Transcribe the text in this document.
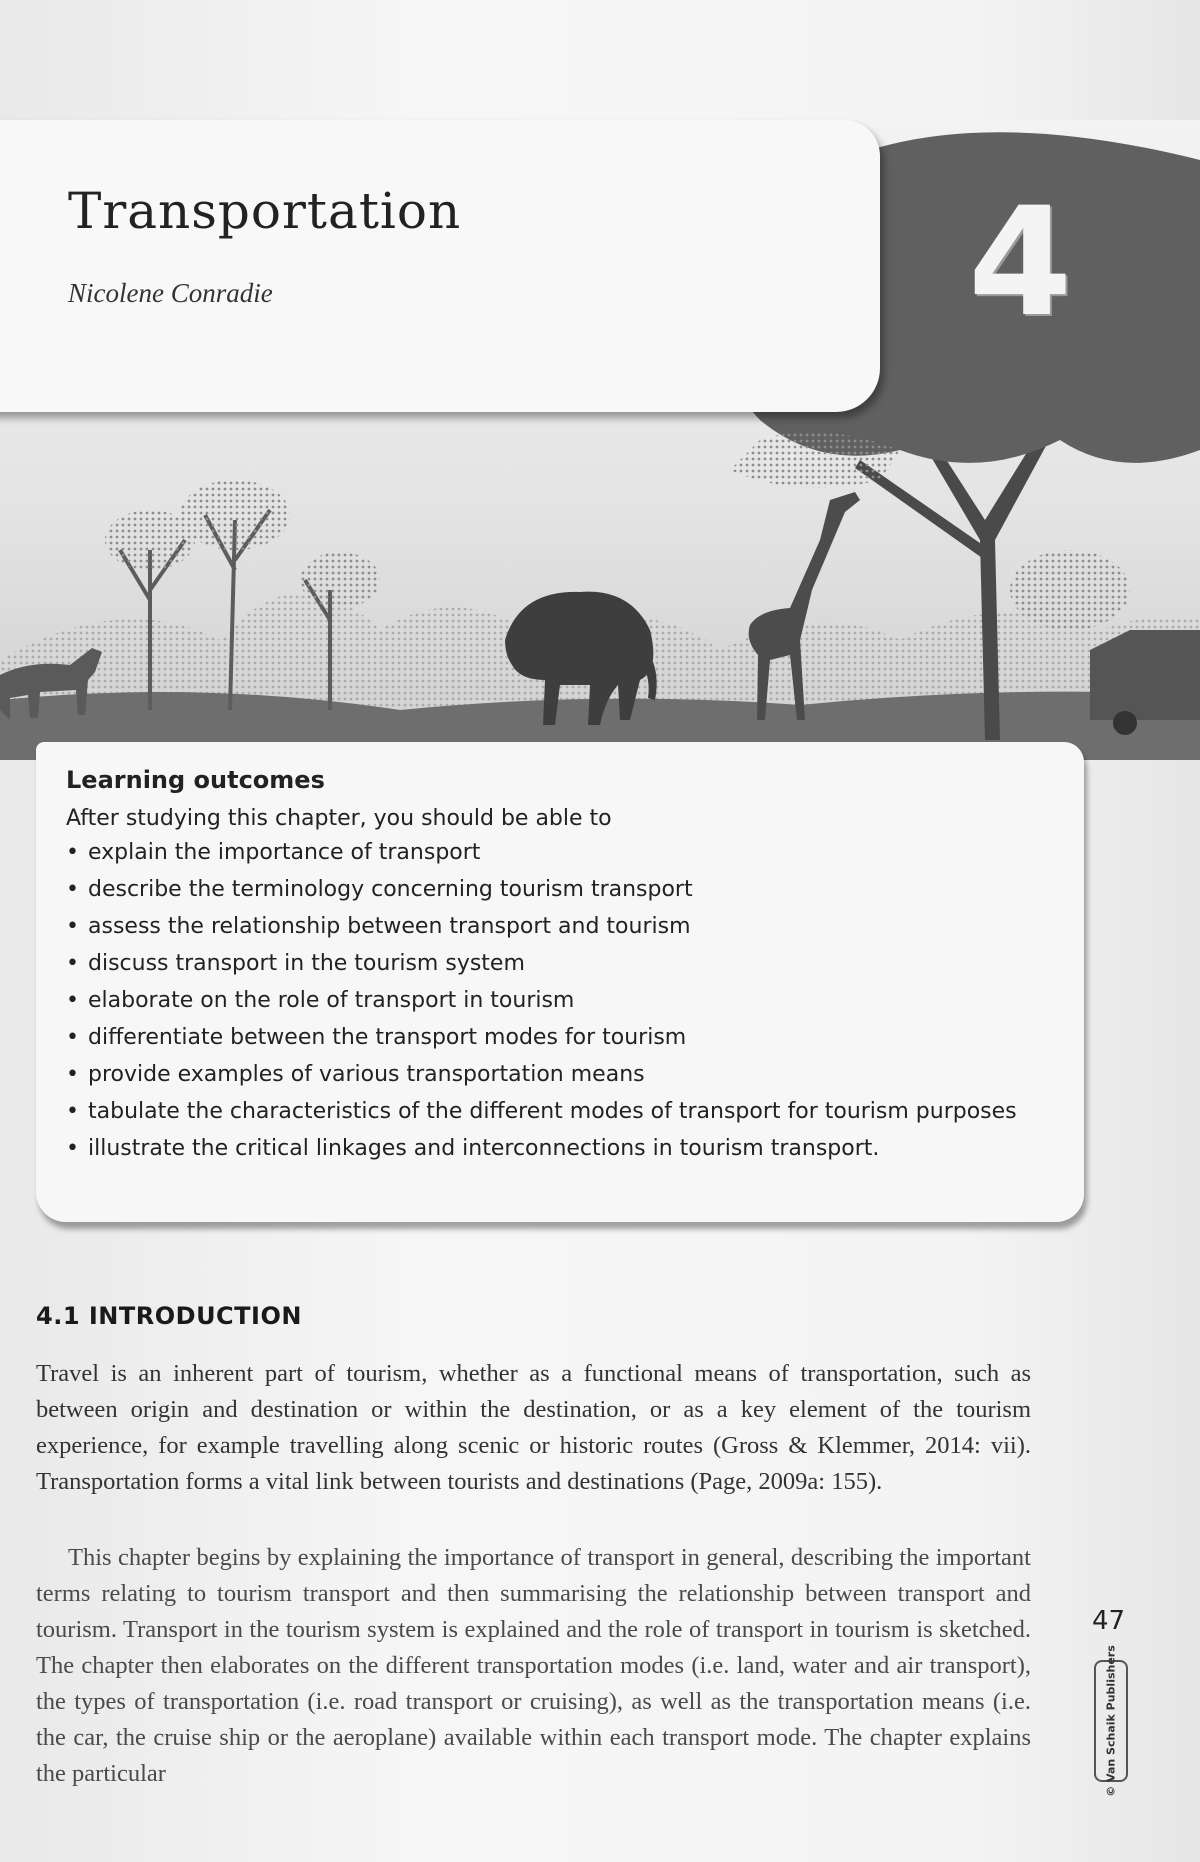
Transportation

Nicolene Conradie	4
Learning outcomes

After studying this chapter, you should be able to

• explain the importance of transport
• describe the terminology concerning tourism transport
• assess the relationship between transport and tourism
• discuss transport in the tourism system
• elaborate on the role of transport in tourism
• differentiate between the transport modes for tourism
• provide examples of various transportation means
• tabulate the characteristics of the different modes of transport for tourism purposes
• illustrate the critical linkages and interconnections in tourism transport.
4.1 INTRODUCTION

Travel is an inherent part of tourism, whether as a functional means of transportation, such as between origin and destination or within the destination, or as a key element of the tourism experience, for example travelling along scenic or historic routes (Gross & Klemmer, 2014: vii). Transportation forms a vital link between tourists and destinations (Page, 2009a: 155).

This chapter begins by explaining the importance of transport in general, describing the important terms relating to tourism transport and then summarising the relationship between transport and tourism. Transport in the tourism system is explained and the role of transport in tourism is sketched. The chapter then elaborates on the different transportation modes (i.e. land, water and air transport), the types of transportation (i.e. road transport or cruising), as well as the transportation means (i.e. the car, the cruise ship or the aeroplane) available within each transport mode. The chapter explains the particular

47
© Van Schaik Publishers
